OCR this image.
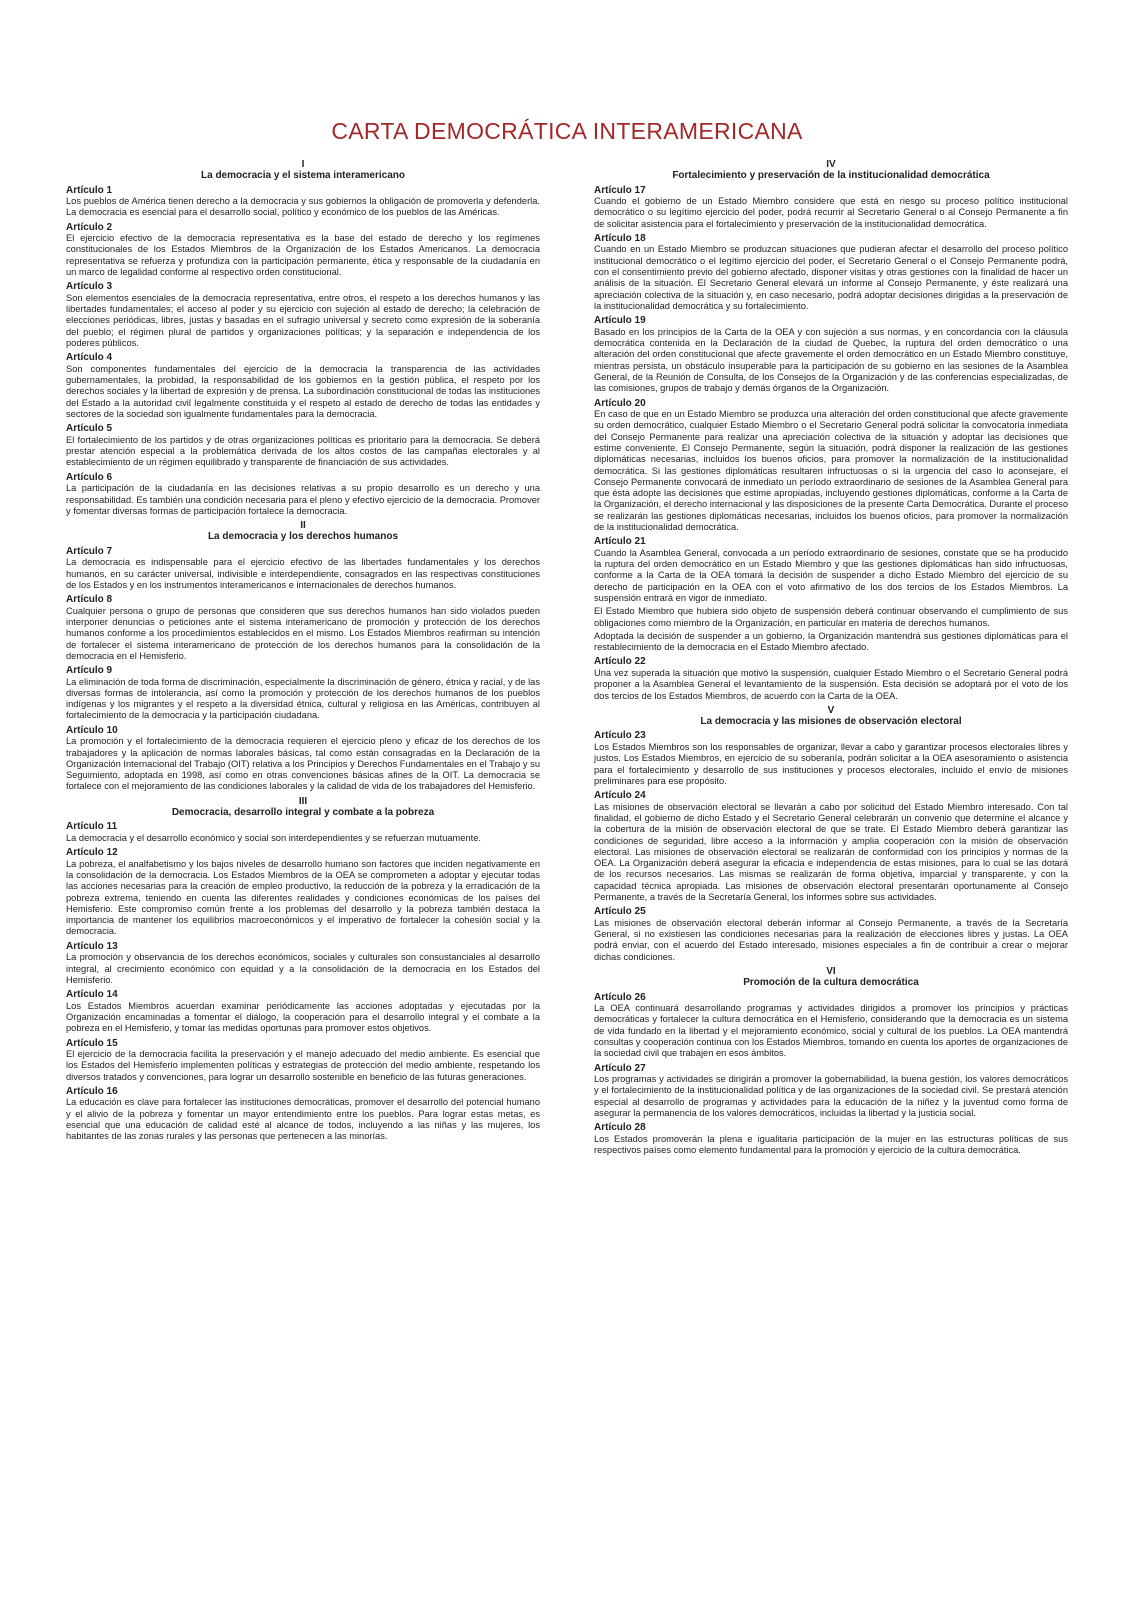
CARTA DEMOCRÁTICA INTERAMERICANA
I
La democracia y el sistema interamericano
Artículo 1

Los pueblos de América tienen derecho a la democracia y sus gobiernos la obligación de promoverla y defenderla. La democracia es esencial para el desarrollo social, político y económico de los pueblos de las Américas.

Artículo 2

El ejercicio efectivo de la democracia representativa es la base del estado de derecho y los regímenes constitucionales de los Estados Miembros de la Organización de los Estados Americanos. La democracia representativa se refuerza y profundiza con la participación permanente, ética y responsable de la ciudadanía en un marco de legalidad conforme al respectivo orden constitucional.

Artículo 3

Son elementos esenciales de la democracia representativa, entre otros, el respeto a los derechos humanos y las libertades fundamentales; el acceso al poder y su ejercicio con sujeción al estado de derecho; la celebración de elecciones periódicas, libres, justas y basadas en el sufragio universal y secreto como expresión de la soberanía del pueblo; el régimen plural de partidos y organizaciones políticas; y la separación e independencia de los poderes públicos.

Artículo 4

Son componentes fundamentales del ejercicio de la democracia la transparencia de las actividades gubernamentales, la probidad, la responsabilidad de los gobiernos en la gestión pública, el respeto por los derechos sociales y la libertad de expresión y de prensa. La subordinación constitucional de todas las instituciones del Estado a la autoridad civil legalmente constituida y el respeto al estado de derecho de todas las entidades y sectores de la sociedad son igualmente fundamentales para la democracia.

Artículo 5

El fortalecimiento de los partidos y de otras organizaciones políticas es prioritario para la democracia. Se deberá prestar atención especial a la problemática derivada de los altos costos de las campañas electorales y al establecimiento de un régimen equilibrado y transparente de financiación de sus actividades.

Artículo 6

La participación de la ciudadanía en las decisiones relativas a su propio desarrollo es un derecho y una responsabilidad. Es también una condición necesaria para el pleno y efectivo ejercicio de la democracia. Promover y fomentar diversas formas de participación fortalece la democracia.

II
La democracia y los derechos humanos
Artículo 7

La democracia es indispensable para el ejercicio efectivo de las libertades fundamentales y los derechos humanos, en su carácter universal, indivisible e interdependiente, consagrados en las respectivas constituciones de los Estados y en los instrumentos interamericanos e internacionales de derechos humanos.

Artículo 8

Cualquier persona o grupo de personas que consideren que sus derechos humanos han sido violados pueden interponer denuncias o peticiones ante el sistema interamericano de promoción y protección de los derechos humanos conforme a los procedimientos establecidos en el mismo. Los Estados Miembros reafirman su intención de fortalecer el sistema interamericano de protección de los derechos humanos para la consolidación de la democracia en el Hemisferio.

Artículo 9

La eliminación de toda forma de discriminación, especialmente la discriminación de género, étnica y racial, y de las diversas formas de intolerancia, así como la promoción y protección de los derechos humanos de los pueblos indígenas y los migrantes y el respeto a la diversidad étnica, cultural y religiosa en las Américas, contribuyen al fortalecimiento de la democracia y la participación ciudadana.

Artículo 10

La promoción y el fortalecimiento de la democracia requieren el ejercicio pleno y eficaz de los derechos de los trabajadores y la aplicación de normas laborales básicas, tal como están consagradas en la Declaración de la Organización Internacional del Trabajo (OIT) relativa a los Principios y Derechos Fundamentales en el Trabajo y su Seguimiento, adoptada en 1998, así como en otras convenciones básicas afines de la OIT. La democracia se fortalece con el mejoramiento de las condiciones laborales y la calidad de vida de los trabajadores del Hemisferio.

III
Democracia, desarrollo integral y combate a la pobreza
Artículo 11

La democracia y el desarrollo económico y social son interdependientes y se refuerzan mutuamente.

Artículo 12

La pobreza, el analfabetismo y los bajos niveles de desarrollo humano son factores que inciden negativamente en la consolidación de la democracia. Los Estados Miembros de la OEA se comprometen a adoptar y ejecutar todas las acciones necesarias para la creación de empleo productivo, la reducción de la pobreza y la erradicación de la pobreza extrema, teniendo en cuenta las diferentes realidades y condiciones económicas de los países del Hemisferio. Este compromiso común frente a los problemas del desarrollo y la pobreza también destaca la importancia de mantener los equilibrios macroeconómicos y el imperativo de fortalecer la cohesión social y la democracia.

Artículo 13

La promoción y observancia de los derechos económicos, sociales y culturales son consustanciales al desarrollo integral, al crecimiento económico con equidad y a la consolidación de la democracia en los Estados del Hemisferio.

Artículo 14

Los Estados Miembros acuerdan examinar periódicamente las acciones adoptadas y ejecutadas por la Organización encaminadas a fomentar el diálogo, la cooperación para el desarrollo integral y el combate a la pobreza en el Hemisferio, y tomar las medidas oportunas para promover estos objetivos.

Artículo 15

El ejercicio de la democracia facilita la preservación y el manejo adecuado del medio ambiente. Es esencial que los Estados del Hemisferio implementen políticas y estrategias de protección del medio ambiente, respetando los diversos tratados y convenciones, para lograr un desarrollo sostenible en beneficio de las futuras generaciones.

Artículo 16

La educación es clave para fortalecer las instituciones democráticas, promover el desarrollo del potencial humano y el alivio de la pobreza y fomentar un mayor entendimiento entre los pueblos. Para lograr estas metas, es esencial que una educación de calidad esté al alcance de todos, incluyendo a las niñas y las mujeres, los habitantes de las zonas rurales y las personas que pertenecen a las minorías.

IV
Fortalecimiento y preservación de la institucionalidad democrática
Artículo 17

Cuando el gobierno de un Estado Miembro considere que está en riesgo su proceso político institucional democrático o su legítimo ejercicio del poder, podrá recurrir al Secretario General o al Consejo Permanente a fin de solicitar asistencia para el fortalecimiento y preservación de la institucionalidad democrática.

Artículo 18

Cuando en un Estado Miembro se produzcan situaciones que pudieran afectar el desarrollo del proceso político institucional democrático o el legítimo ejercicio del poder, el Secretario General o el Consejo Permanente podrá, con el consentimiento previo del gobierno afectado, disponer visitas y otras gestiones con la finalidad de hacer un análisis de la situación. El Secretario General elevará un informe al Consejo Permanente, y éste realizará una apreciación colectiva de la situación y, en caso necesario, podrá adoptar decisiones dirigidas a la preservación de la institucionalidad democrática y su fortalecimiento.

Artículo 19

Basado en los principios de la Carta de la OEA y con sujeción a sus normas, y en concordancia con la cláusula democrática contenida en la Declaración de la ciudad de Quebec, la ruptura del orden democrático o una alteración del orden constitucional que afecte gravemente el orden democrático en un Estado Miembro constituye, mientras persista, un obstáculo insuperable para la participación de su gobierno en las sesiones de la Asamblea General, de la Reunión de Consulta, de los Consejos de la Organización y de las conferencias especializadas, de las comisiones, grupos de trabajo y demás órganos de la Organización.

Artículo 20

En caso de que en un Estado Miembro se produzca una alteración del orden constitucional que afecte gravemente su orden democrático, cualquier Estado Miembro o el Secretario General podrá solicitar la convocatoria inmediata del Consejo Permanente para realizar una apreciación colectiva de la situación y adoptar las decisiones que estime conveniente. El Consejo Permanente, según la situación, podrá disponer la realización de las gestiones diplomáticas necesarias, incluidos los buenos oficios, para promover la normalización de la institucionalidad democrática. Si las gestiones diplomáticas resultaren infructuosas o si la urgencia del caso lo aconsejare, el Consejo Permanente convocará de inmediato un período extraordinario de sesiones de la Asamblea General para que ésta adopte las decisiones que estime apropiadas, incluyendo gestiones diplomáticas, conforme a la Carta de la Organización, el derecho internacional y las disposiciones de la presente Carta Democrática. Durante el proceso se realizarán las gestiones diplomáticas necesarias, incluidos los buenos oficios, para promover la normalización de la institucionalidad democrática.

Artículo 21

Cuando la Asamblea General, convocada a un período extraordinario de sesiones, constate que se ha producido la ruptura del orden democrático en un Estado Miembro y que las gestiones diplomáticas han sido infructuosas, conforme a la Carta de la OEA tomará la decisión de suspender a dicho Estado Miembro del ejercicio de su derecho de participación en la OEA con el voto afirmativo de los dos tercios de los Estados Miembros. La suspensión entrará en vigor de inmediato.

El Estado Miembro que hubiera sido objeto de suspensión deberá continuar observando el cumplimiento de sus obligaciones como miembro de la Organización, en particular en materia de derechos humanos.

Adoptada la decisión de suspender a un gobierno, la Organización mantendrá sus gestiones diplomáticas para el restablecimiento de la democracia en el Estado Miembro afectado.

Artículo 22

Una vez superada la situación que motivó la suspensión, cualquier Estado Miembro o el Secretario General podrá proponer a la Asamblea General el levantamiento de la suspensión. Esta decisión se adoptará por el voto de los dos tercios de los Estados Miembros, de acuerdo con la Carta de la OEA.

V
La democracia y las misiones de observación electoral
Artículo 23

Los Estados Miembros son los responsables de organizar, llevar a cabo y garantizar procesos electorales libres y justos. Los Estados Miembros, en ejercicio de su soberanía, podrán solicitar a la OEA asesoramiento o asistencia para el fortalecimiento y desarrollo de sus instituciones y procesos electorales, incluido el envío de misiones preliminares para ese propósito.

Artículo 24

Las misiones de observación electoral se llevarán a cabo por solicitud del Estado Miembro interesado. Con tal finalidad, el gobierno de dicho Estado y el Secretario General celebrarán un convenio que determine el alcance y la cobertura de la misión de observación electoral de que se trate. El Estado Miembro deberá garantizar las condiciones de seguridad, libre acceso a la información y amplia cooperación con la misión de observación electoral. Las misiones de observación electoral se realizarán de conformidad con los principios y normas de la OEA. La Organización deberá asegurar la eficacia e independencia de estas misiones, para lo cual se las dotará de los recursos necesarios. Las mismas se realizarán de forma objetiva, imparcial y transparente, y con la capacidad técnica apropiada. Las misiones de observación electoral presentarán oportunamente al Consejo Permanente, a través de la Secretaría General, los informes sobre sus actividades.

Artículo 25

Las misiones de observación electoral deberán informar al Consejo Permanente, a través de la Secretaría General, si no existiesen las condiciones necesarias para la realización de elecciones libres y justas. La OEA podrá enviar, con el acuerdo del Estado interesado, misiones especiales a fin de contribuir a crear o mejorar dichas condiciones.

VI
Promoción de la cultura democrática
Artículo 26

La OEA continuará desarrollando programas y actividades dirigidos a promover los principios y prácticas democráticas y fortalecer la cultura democrática en el Hemisferio, considerando que la democracia es un sistema de vida fundado en la libertad y el mejoramiento económico, social y cultural de los pueblos. La OEA mantendrá consultas y cooperación continua con los Estados Miembros, tomando en cuenta los aportes de organizaciones de la sociedad civil que trabajen en esos ámbitos.

Artículo 27

Los programas y actividades se dirigirán a promover la gobernabilidad, la buena gestión, los valores democráticos y el fortalecimiento de la institucionalidad política y de las organizaciones de la sociedad civil. Se prestará atención especial al desarrollo de programas y actividades para la educación de la niñez y la juventud como forma de asegurar la permanencia de los valores democráticos, incluidas la libertad y la justicia social.

Artículo 28

Los Estados promoverán la plena e igualitaria participación de la mujer en las estructuras políticas de sus respectivos países como elemento fundamental para la promoción y ejercicio de la cultura democrática.
